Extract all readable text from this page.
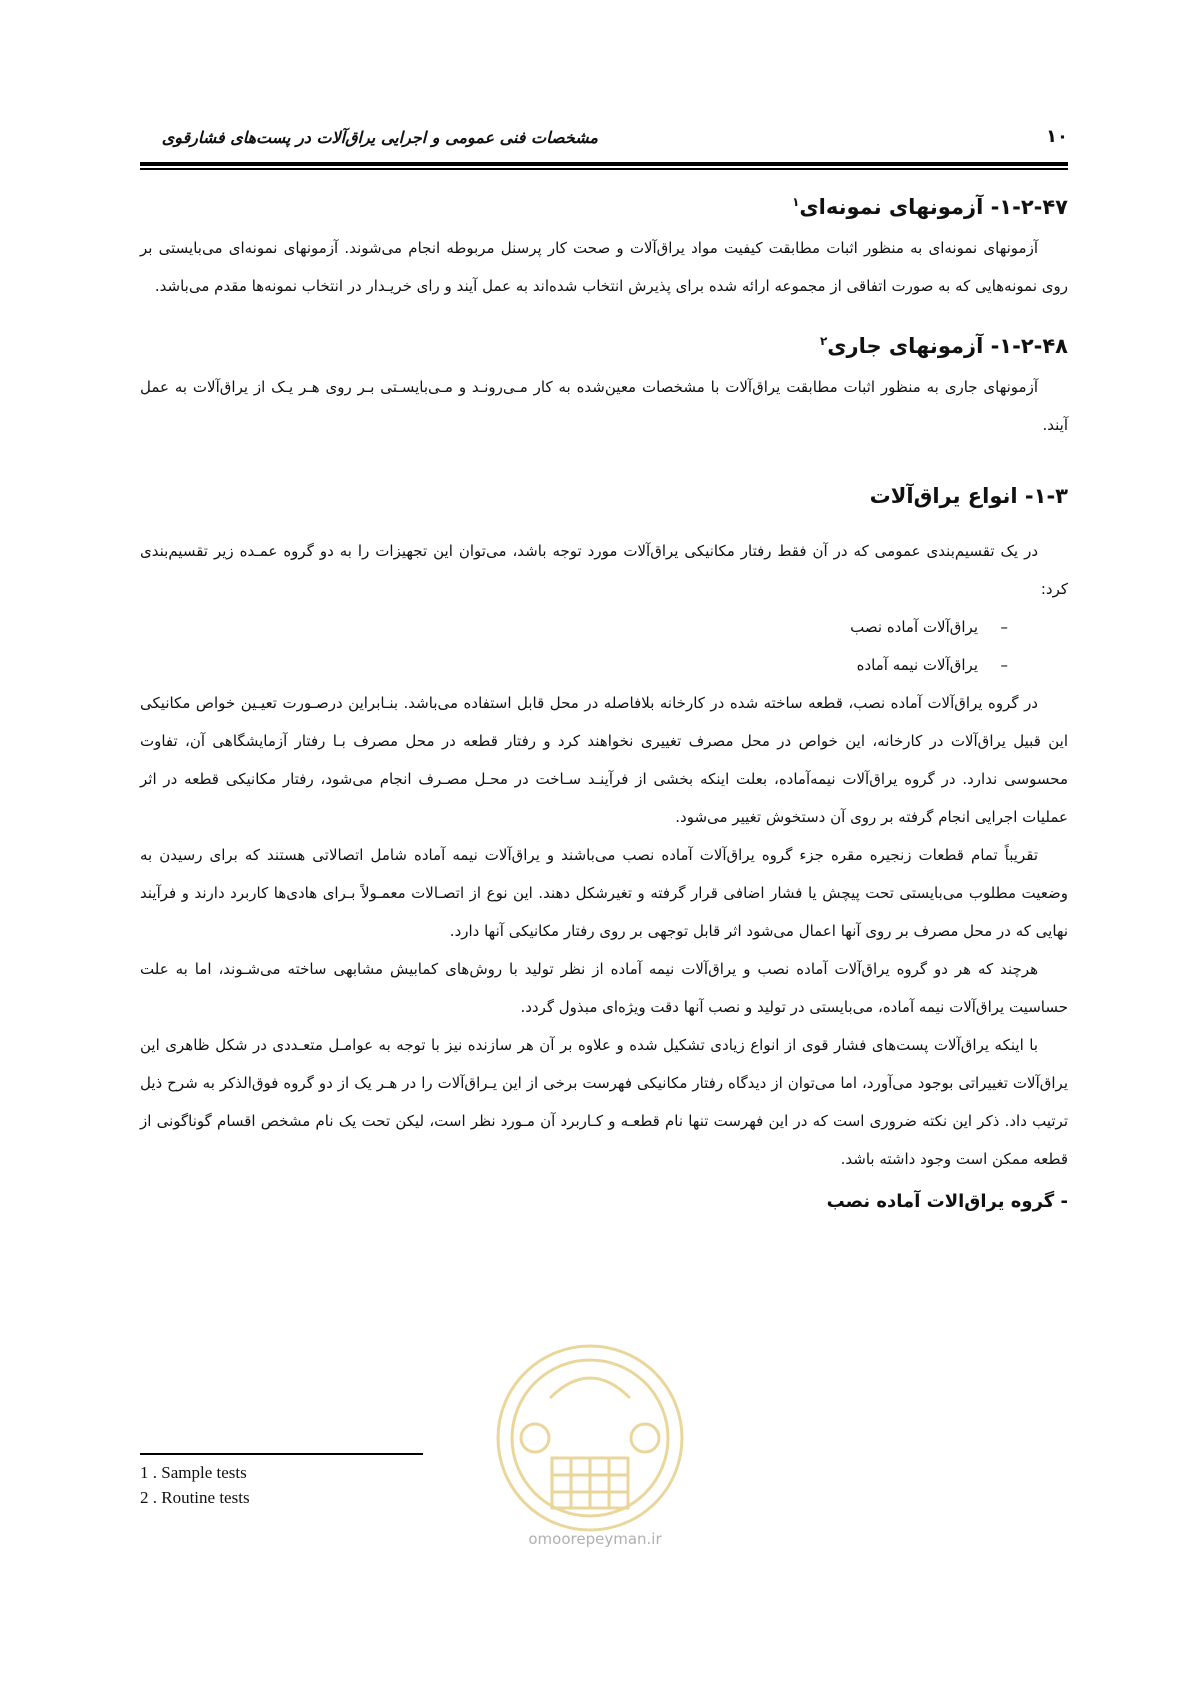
مشخصات فنی عمومی و اجرایی یراق‌آلات در پست‌های فشارقوی	۱۰
۱-۲-۴۷- آزمونهای نمونه‌ای$^۱$

آزمونهای نمونه‌ای به منظور اثبات مطابقت کیفیت مواد یراق‌آلات و صحت کار پرسنل مربوطه انجام می‌شوند. آزمونهای نمونه‌ای می‌بایستی بر روی نمونه‌هایی که به صورت اتفاقی از مجموعه ارائه شده برای پذیرش انتخاب شده‌اند به عمل آیند و رای خریـدار در انتخاب نمونه‌ها مقدم می‌باشد.

۱-۲-۴۸- آزمونهای جاری$^۲$

آزمونهای جاری به منظور اثبات مطابقت یراق‌آلات با مشخصات معین‌شده به کار مـی‌رونـد و مـی‌بایسـتی بـر روی هـر یـک از یراق‌آلات به عمل آیند.

۱-۳- انواع یراق‌آلات

در یک تقسیم‌بندی عمومی که در آن فقط رفتار مکانیکی یراق‌آلات مورد توجه باشد، می‌توان این تجهیزات را به دو گروه عمـده زیر تقسیم‌بندی کرد:

–یراق‌آلات آماده نصب
–یراق‌آلات نیمه آماده

در گروه یراق‌آلات آماده نصب، قطعه ساخته شده در کارخانه بلافاصله در محل قابل استفاده می‌باشد. بنـابراین درصـورت تعیـین خواص مکانیکی این قبیل یراق‌آلات در کارخانه، این خواص در محل مصرف تغییری نخواهند کرد و رفتار قطعه در محل مصرف بـا رفتار آزمایشگاهی آن، تفاوت محسوسی ندارد. در گروه یراق‌آلات نیمه‌آماده، بعلت اینکه بخشی از فرآینـد سـاخت در محـل مصـرف انجام می‌شود، رفتار مکانیکی قطعه در اثر عملیات اجرایی انجام گرفته بر روی آن دستخوش تغییر می‌شود.

تقریباً تمام قطعات زنجیره مقره جزء گروه یراق‌آلات آماده نصب می‌باشند و یراق‌آلات نیمه آماده شامل اتصالاتی هستند که برای رسیدن به وضعیت مطلوب می‌بایستی تحت پیچش یا فشار اضافی قرار گرفته و تغیرشکل دهند. این نوع از اتصـالات معمـولاً بـرای هادی‌ها کاربرد دارند و فرآیند نهایی که در محل مصرف بر روی آنها اعمال می‌شود اثر قابل توجهی بر روی رفتار مکانیکی آنها دارد.

هرچند که هر دو گروه یراق‌آلات آماده نصب و یراق‌آلات نیمه آماده از نظر تولید با روش‌های کمابیش مشابهی ساخته می‌شـوند، اما به علت حساسیت یراق‌آلات نیمه آماده، می‌بایستی در تولید و نصب آنها دقت ویژه‌ای مبذول گردد.

با اینکه یراق‌آلات پست‌های فشار قوی از انواع زیادی تشکیل شده و علاوه بر آن هر سازنده نیز با توجه به عوامـل متعـددی در شکل ظاهری این یراق‌آلات تغییراتی بوجود می‌آورد، اما می‌توان از دیدگاه رفتار مکانیکی فهرست برخی از این یـراق‌آلات را در هـر یک از دو گروه فوق‌الذکر به شرح ذیل ترتیب داد. ذکر این نکته ضروری است که در این فهرست تنها نام قطعـه و کـاربرد آن مـورد نظر است، لیکن تحت یک نام مشخص اقسام گوناگونی از قطعه ممکن است وجود داشته باشد.

- گروه یراق‌الات آماده نصب
1 . Sample tests
2 . Routine tests
omoorepeyman.ir
